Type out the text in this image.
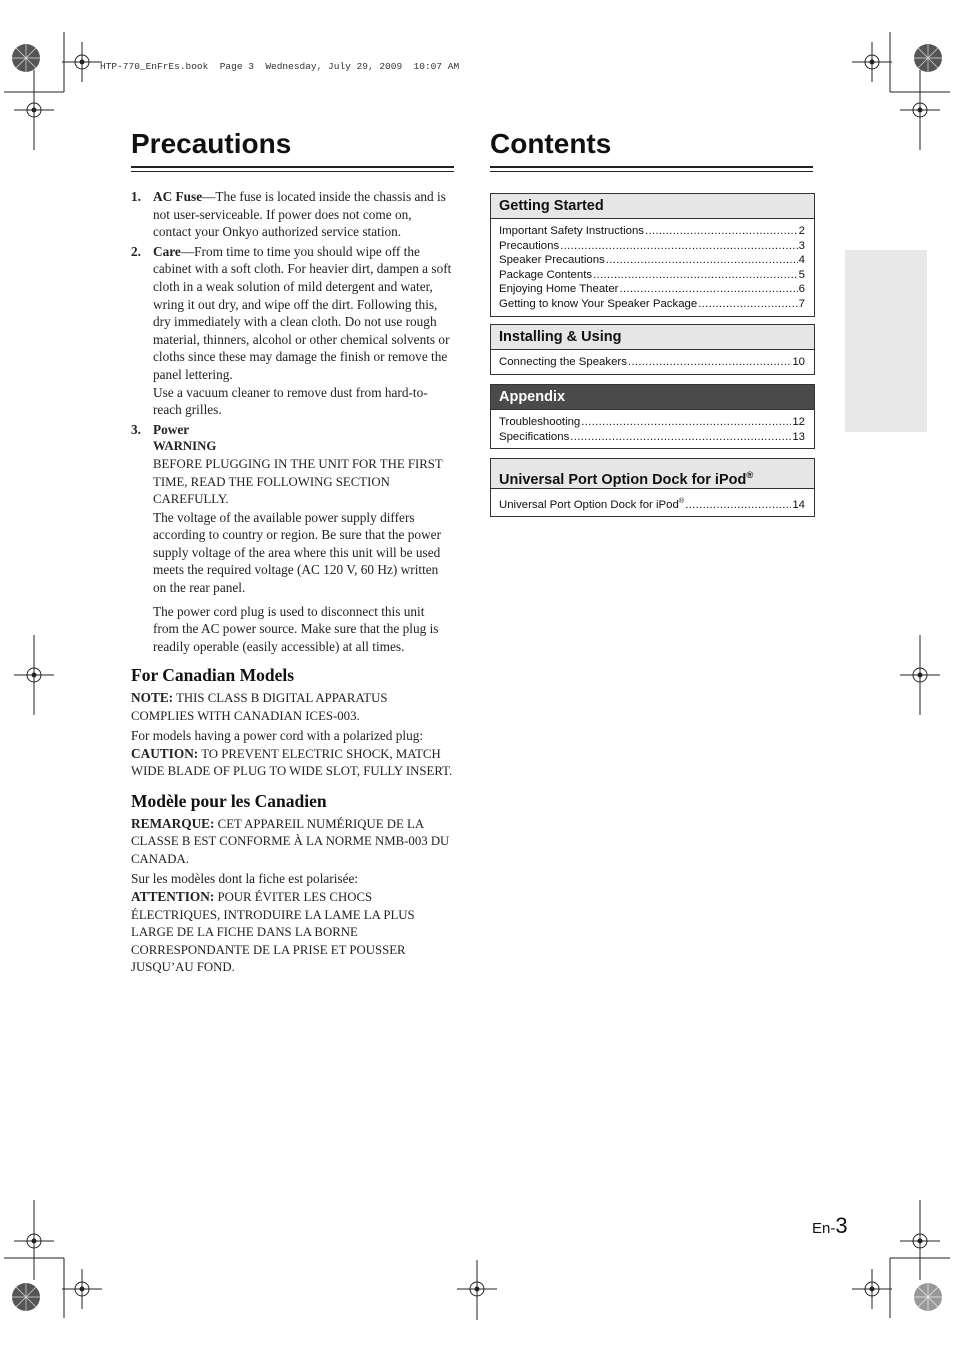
HTP-770_EnFrEs.book  Page 3  Wednesday, July 29, 2009  10:07 AM
Precautions
1. AC Fuse—The fuse is located inside the chassis and is not user-serviceable. If power does not come on, contact your Onkyo authorized service station.

2. Care—From time to time you should wipe off the cabinet with a soft cloth. For heavier dirt, dampen a soft cloth in a weak solution of mild detergent and water, wring it out dry, and wipe off the dirt. Following this, dry immediately with a clean cloth. Do not use rough material, thinners, alcohol or other chemical solvents or cloths since these may damage the finish or remove the panel lettering.

Use a vacuum cleaner to remove dust from hard-to-reach grilles.

3. Power

WARNING

BEFORE PLUGGING IN THE UNIT FOR THE FIRST TIME, READ THE FOLLOWING SECTION CAREFULLY.

The voltage of the available power supply differs according to country or region. Be sure that the power supply voltage of the area where this unit will be used meets the required voltage (AC 120 V, 60 Hz) written on the rear panel.

The power cord plug is used to disconnect this unit from the AC power source. Make sure that the plug is readily operable (easily accessible) at all times.

For Canadian Models

NOTE: THIS CLASS B DIGITAL APPARATUS COMPLIES WITH CANADIAN ICES-003.

For models having a power cord with a polarized plug:

CAUTION: TO PREVENT ELECTRIC SHOCK, MATCH WIDE BLADE OF PLUG TO WIDE SLOT, FULLY INSERT.

Modèle pour les Canadien

REMARQUE: CET APPAREIL NUMÉRIQUE DE LA CLASSE B EST CONFORME À LA NORME NMB-003 DU CANADA.

Sur les modèles dont la fiche est polarisée:

ATTENTION: POUR ÉVITER LES CHOCS ÉLECTRIQUES, INTRODUIRE LA LAME LA PLUS LARGE DE LA FICHE DANS LA BORNE CORRESPONDANTE DE LA PRISE ET POUSSER JUSQU’AU FOND.

Contents
Getting Started
Important Safety Instructions .....	2
Precautions .....	3
Speaker Precautions .....	4
Package Contents .....	5
Enjoying Home Theater .....	6
Getting to know Your Speaker Package .....	7
Installing & Using
Connecting the Speakers .....	10
Appendix
Troubleshooting .....	12
Specifications .....	13
Universal Port Option Dock for iPod®
Universal Port Option Dock for iPod® .....	14
En-3
